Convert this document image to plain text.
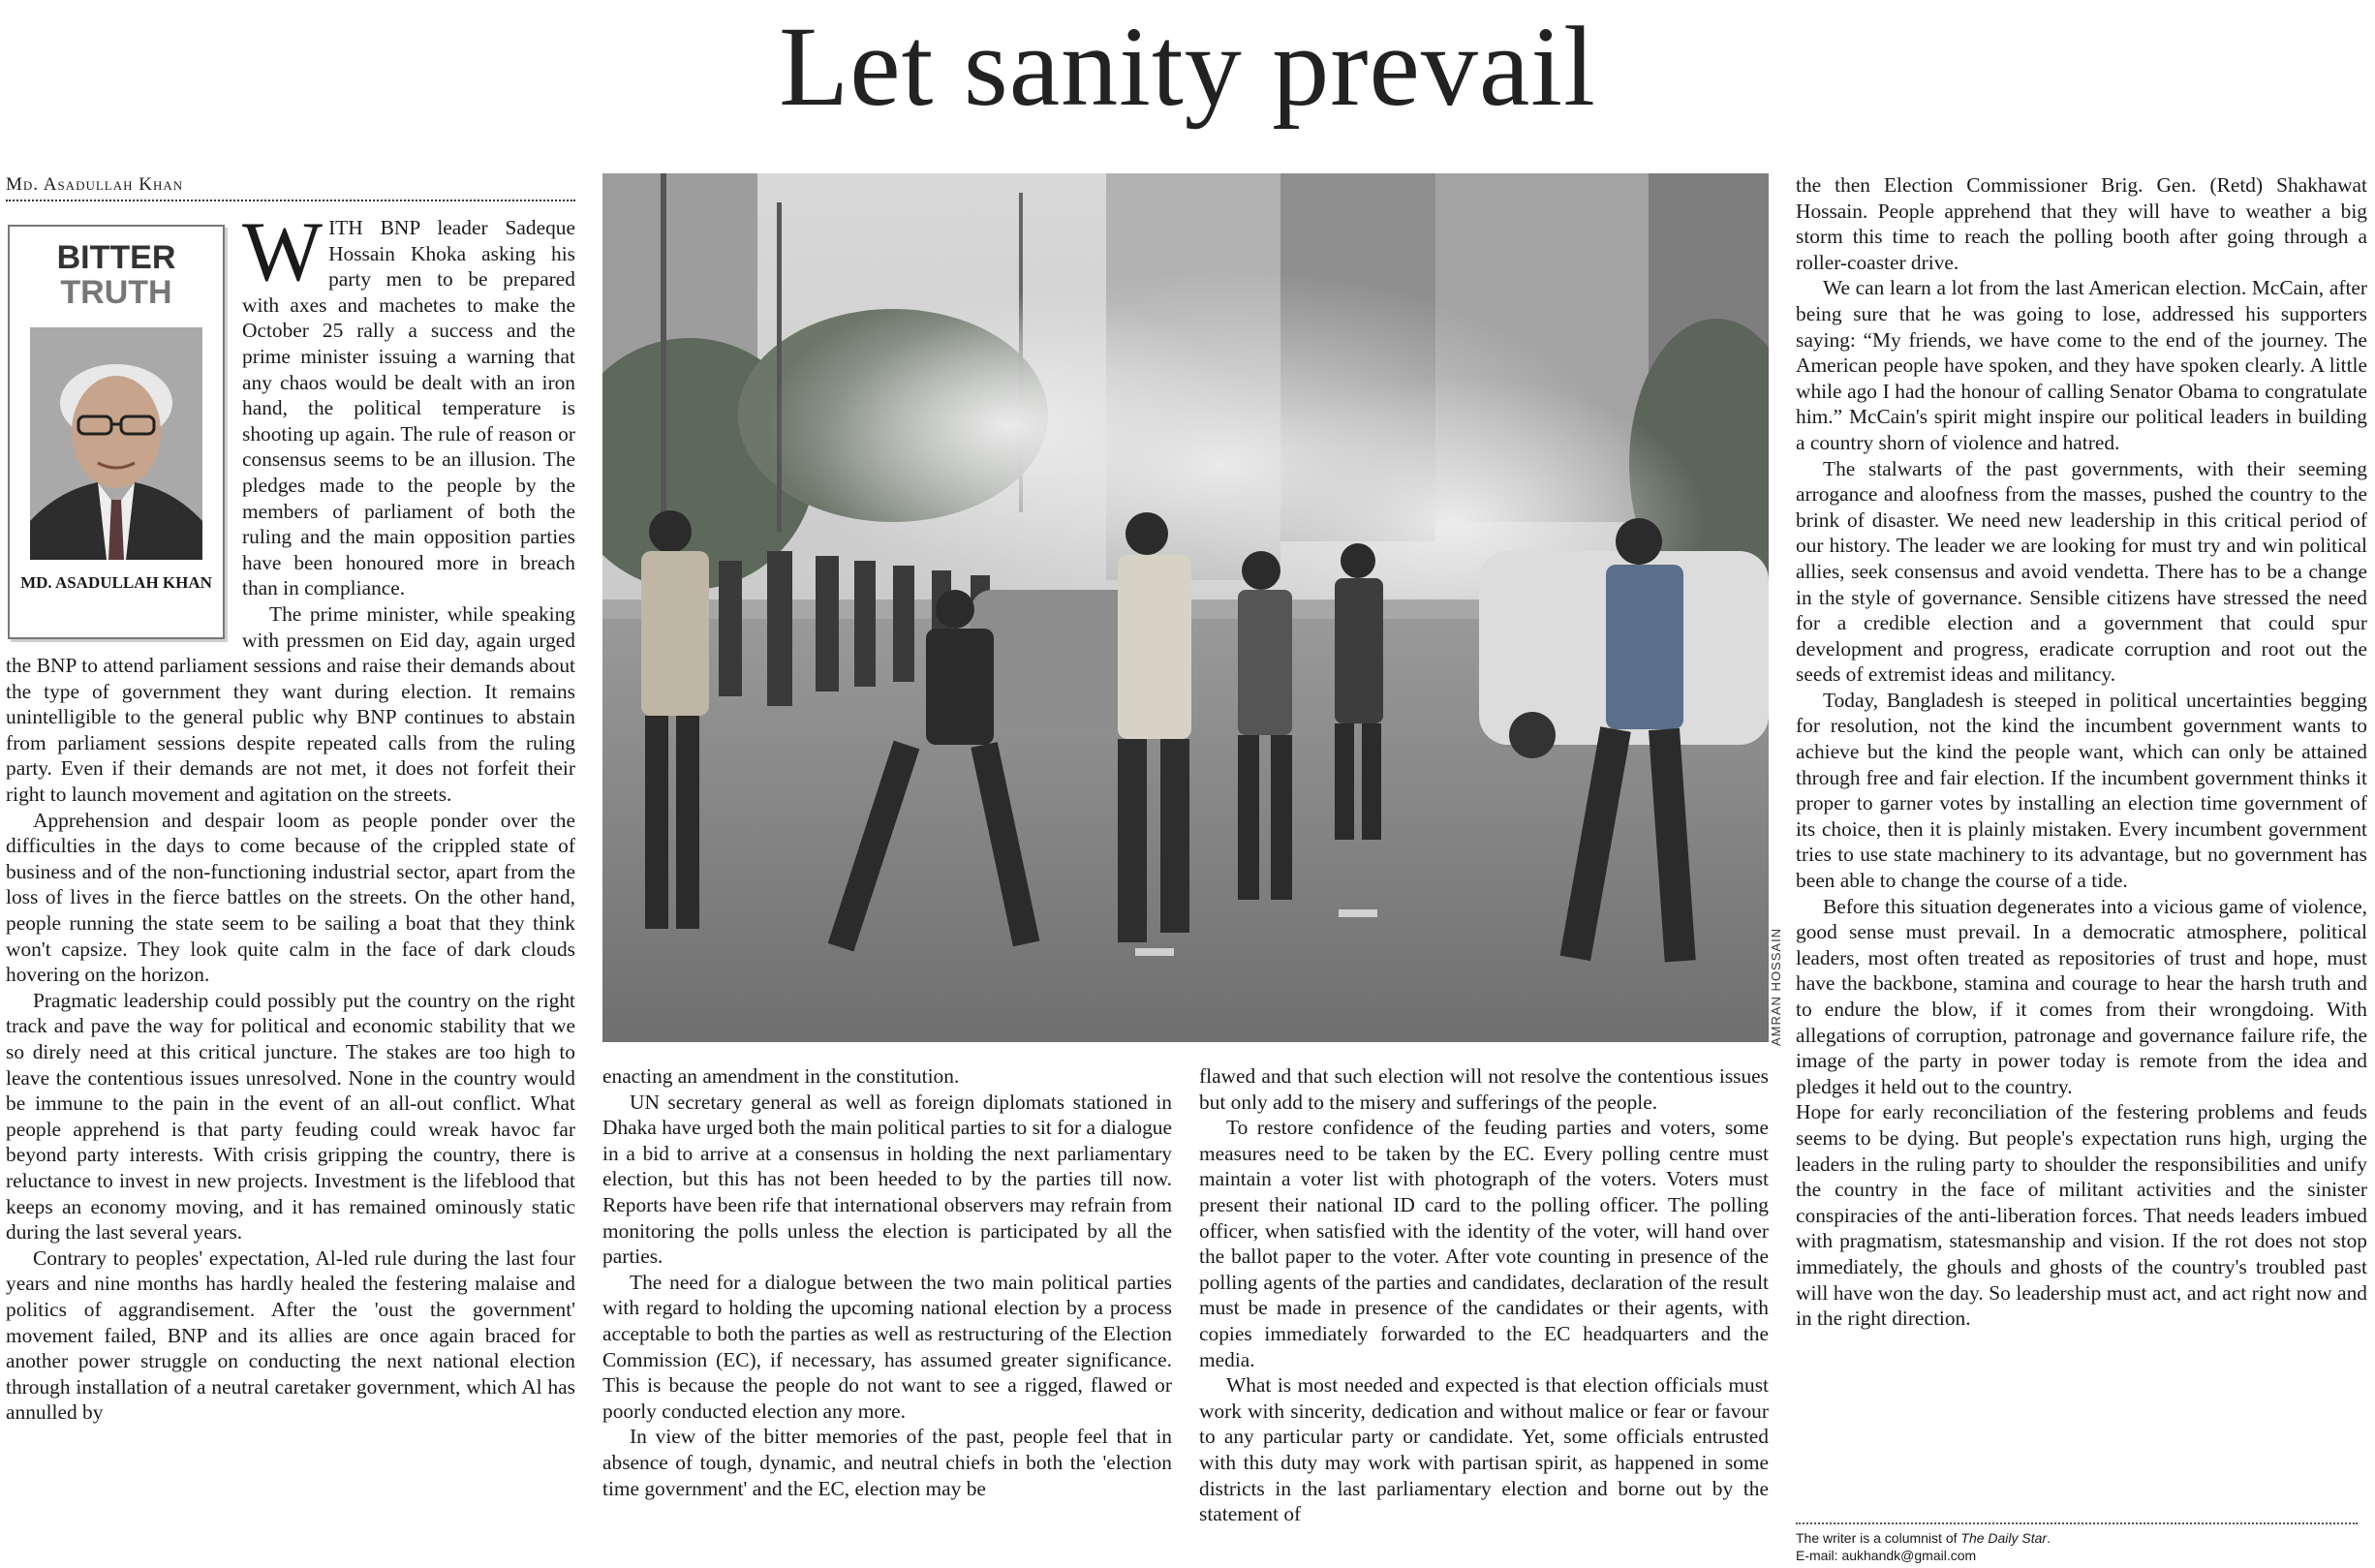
Let sanity prevail
Md. Asadullah Khan
BITTER
TRUTH
MD. ASADULLAH KHAN

WITH BNP leader Sadeque Hossain Khoka asking his party men to be prepared with axes and machetes to make the October 25 rally a success and the prime minister issuing a warning that any chaos would be dealt with an iron hand, the political temperature is shooting up again. The rule of reason or consensus seems to be an illusion. The pledges made to the people by the members of parliament of both the ruling and the main opposition parties have been honoured more in breach than in compliance.

The prime minister, while speaking with pressmen on Eid day, again urged the BNP to attend parliament sessions and raise their demands about the type of government they want during election. It remains unintelligible to the general public why BNP continues to abstain from parliament sessions despite repeated calls from the ruling party. Even if their demands are not met, it does not forfeit their right to launch movement and agitation on the streets.

Apprehension and despair loom as people ponder over the difficulties in the days to come because of the crippled state of business and of the non-functioning industrial sector, apart from the loss of lives in the fierce battles on the streets. On the other hand, people running the state seem to be sailing a boat that they think won't capsize. They look quite calm in the face of dark clouds hovering on the horizon.

Pragmatic leadership could possibly put the country on the right track and pave the way for political and economic stability that we so direly need at this critical juncture. The stakes are too high to leave the contentious issues unresolved. None in the country would be immune to the pain in the event of an all-out conflict. What people apprehend is that party feuding could wreak havoc far beyond party interests. With crisis gripping the country, there is reluctance to invest in new projects. Investment is the lifeblood that keeps an economy moving, and it has remained ominously static during the last several years.

Contrary to peoples' expectation, Al-led rule during the last four years and nine months has hardly healed the festering malaise and politics of aggrandisement. After the 'oust the government' movement failed, BNP and its allies are once again braced for another power struggle on conducting the next national election through installation of a neutral caretaker government, which Al has annulled by

AMRAN HOSSAIN

enacting an amendment in the constitution.

UN secretary general as well as foreign diplomats stationed in Dhaka have urged both the main political parties to sit for a dialogue in a bid to arrive at a consensus in holding the next parliamentary election, but this has not been heeded to by the parties till now. Reports have been rife that international observers may refrain from monitoring the polls unless the election is participated by all the parties.

The need for a dialogue between the two main political parties with regard to holding the upcoming national election by a process acceptable to both the parties as well as restructuring of the Election Commission (EC), if necessary, has assumed greater significance. This is because the people do not want to see a rigged, flawed or poorly conducted election any more.

In view of the bitter memories of the past, people feel that in absence of tough, dynamic, and neutral chiefs in both the 'election time government' and the EC, election may be

flawed and that such election will not resolve the contentious issues but only add to the misery and sufferings of the people.

To restore confidence of the feuding parties and voters, some measures need to be taken by the EC. Every polling centre must maintain a voter list with photograph of the voters. Voters must present their national ID card to the polling officer. The polling officer, when satisfied with the identity of the voter, will hand over the ballot paper to the voter. After vote counting in presence of the polling agents of the parties and candidates, declaration of the result must be made in presence of the candidates or their agents, with copies immediately forwarded to the EC headquarters and the media.

What is most needed and expected is that election officials must work with sincerity, dedication and without malice or fear or favour to any particular party or candidate. Yet, some officials entrusted with this duty may work with partisan spirit, as happened in some districts in the last parliamentary election and borne out by the statement of

the then Election Commissioner Brig. Gen. (Retd) Shakhawat Hossain. People apprehend that they will have to weather a big storm this time to reach the polling booth after going through a roller-coaster drive.

We can learn a lot from the last American election. McCain, after being sure that he was going to lose, addressed his supporters saying: “My friends, we have come to the end of the journey. The American people have spoken, and they have spoken clearly. A little while ago I had the honour of calling Senator Obama to congratulate him.” McCain's spirit might inspire our political leaders in building a country shorn of violence and hatred.

The stalwarts of the past governments, with their seeming arrogance and aloofness from the masses, pushed the country to the brink of disaster. We need new leadership in this critical period of our history. The leader we are looking for must try and win political allies, seek consensus and avoid vendetta. There has to be a change in the style of governance. Sensible citizens have stressed the need for a credible election and a government that could spur development and progress, eradicate corruption and root out the seeds of extremist ideas and militancy.

Today, Bangladesh is steeped in political uncertainties begging for resolution, not the kind the incumbent government wants to achieve but the kind the people want, which can only be attained through free and fair election. If the incumbent government thinks it proper to garner votes by installing an election time government of its choice, then it is plainly mistaken. Every incumbent government tries to use state machinery to its advantage, but no government has been able to change the course of a tide.

Before this situation degenerates into a vicious game of violence, good sense must prevail. In a democratic atmosphere, political leaders, most often treated as repositories of trust and hope, must have the backbone, stamina and courage to hear the harsh truth and to endure the blow, if it comes from their wrongdoing. With allegations of corruption, patronage and governance failure rife, the image of the party in power today is remote from the idea and pledges it held out to the country.

Hope for early reconciliation of the festering problems and feuds seems to be dying. But people's expectation runs high, urging the leaders in the ruling party to shoulder the responsibilities and unify the country in the face of militant activities and the sinister conspiracies of the anti-liberation forces. That needs leaders imbued with pragmatism, statesmanship and vision. If the rot does not stop immediately, the ghouls and ghosts of the country's troubled past will have won the day. So leadership must act, and act right now and in the right direction.

The writer is a columnist of The Daily Star.
E-mail: aukhandk@gmail.com
